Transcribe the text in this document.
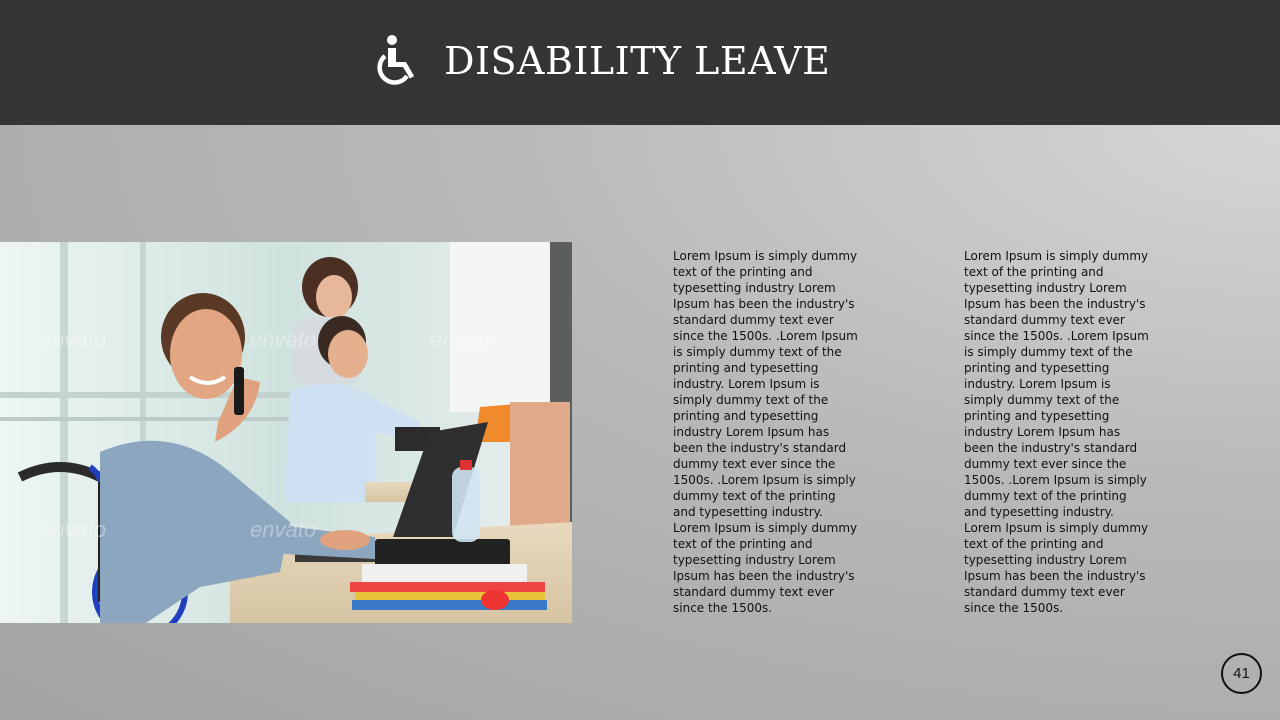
DISABILITY LEAVE
envato	envato	envato
envato	envato
Lorem Ipsum is simply dummy text of the printing and typesetting industry Lorem Ipsum has been the industry's standard dummy text ever since the 1500s. .Lorem Ipsum is simply dummy text of the printing and typesetting industry. Lorem Ipsum is simply dummy text of the printing and typesetting industry Lorem Ipsum has been the industry's standard dummy text ever since the 1500s. .Lorem Ipsum is simply dummy text of the printing and typesetting industry. Lorem Ipsum is simply dummy text of the printing and typesetting industry Lorem Ipsum has been the industry's standard dummy text ever since the 1500s.
Lorem Ipsum is simply dummy text of the printing and typesetting industry Lorem Ipsum has been the industry's standard dummy text ever since the 1500s. .Lorem Ipsum is simply dummy text of the printing and typesetting industry. Lorem Ipsum is simply dummy text of the printing and typesetting industry Lorem Ipsum has been the industry's standard dummy text ever since the 1500s. .Lorem Ipsum is simply dummy text of the printing and typesetting industry. Lorem Ipsum is simply dummy text of the printing and typesetting industry Lorem Ipsum has been the industry's standard dummy text ever since the 1500s.
41
